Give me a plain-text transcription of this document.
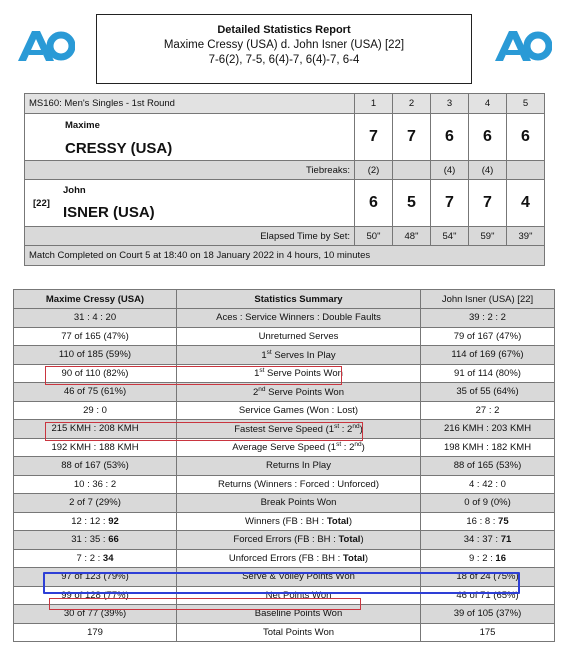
Detailed Statistics Report
Maxime Cressy (USA) d. John Isner (USA) [22]
7-6(2), 7-5, 6(4)-7, 6(4)-7, 6-4
MS160: Men's Singles - 1st Round	1	2	3	4	5

Maxime
CRESSY (USA)	7	7	6	6	6
Tiebreaks:	(2)		(4)	(4)	

[22]
John
ISNER (USA)	6	5	7	7	4
Elapsed Time by Set:	50"	48"	54"	59"	39"
Match Completed on Court 5 at 18:40 on 18 January 2022 in 4 hours, 10 minutes					
Maxime Cressy (USA)	Statistics Summary	John Isner (USA) [22]
31 : 4 : 20	Aces : Service Winners : Double Faults	39 : 2 : 2
77 of 165 (47%)	Unreturned Serves	79 of 167 (47%)
110 of 185 (59%)	1st Serves In Play	114 of 169 (67%)
90 of 110 (82%)	1st Serve Points Won	91 of 114 (80%)
46 of 75 (61%)	2nd Serve Points Won	35 of 55 (64%)
29 : 0	Service Games (Won : Lost)	27 : 2
215 KMH : 208 KMH	Fastest Serve Speed (1st : 2nd)	216 KMH : 203 KMH
192 KMH : 188 KMH	Average Serve Speed (1st : 2nd)	198 KMH : 182 KMH
88 of 167 (53%)	Returns In Play	88 of 165 (53%)
10 : 36 : 2	Returns (Winners : Forced : Unforced)	4 : 42 : 0
2 of 7 (29%)	Break Points Won	0 of 9 (0%)
12 : 12 : 92	Winners (FB : BH : Total)	16 : 8 : 75
31 : 35 : 66	Forced Errors (FB : BH : Total)	34 : 37 : 71
7 : 2 : 34	Unforced Errors (FB : BH : Total)	9 : 2 : 16
97 of 123 (79%)	Serve & Volley Points Won	18 of 24 (75%)
99 of 128 (77%)	Net Points Won	46 of 71 (65%)
30 of 77 (39%)	Baseline Points Won	39 of 105 (37%)
179	Total Points Won	175
